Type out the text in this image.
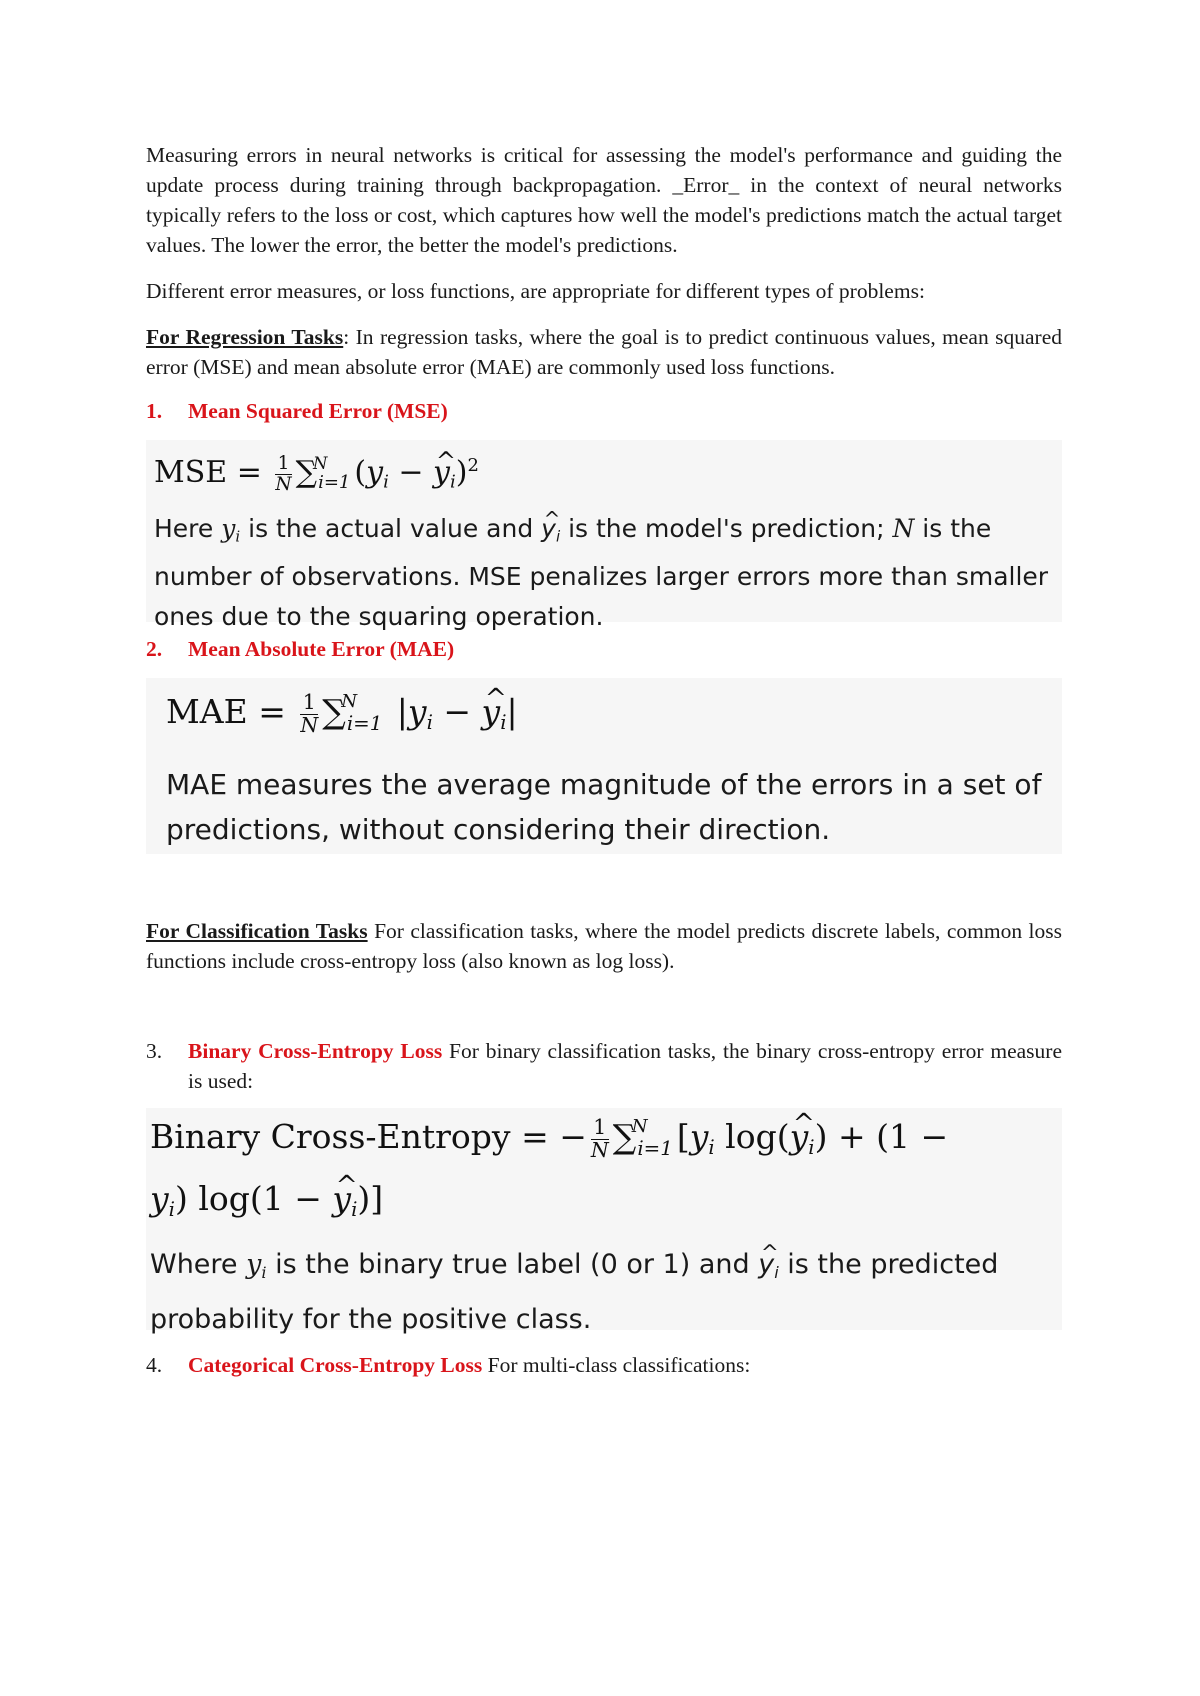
Measuring errors in neural networks is critical for assessing the model's performance and guiding the update process during training through backpropagation. _Error_ in the context of neural networks typically refers to the loss or cost, which captures how well the model's predictions match the actual target values. The lower the error, the better the model's predictions.

Different error measures, or loss functions, are appropriate for different types of problems:

For Regression Tasks: In regression tasks, where the goal is to predict continuous values, mean squared error (MSE) and mean absolute error (MAE) are commonly used loss functions.

1.	Mean Squared Error (MSE)
MSE = $\frac{1}{N}$ ∑
N
$_{i=1}$ ($y_i$ − ^ $y_i)^2$
Here $y_i$ is the actual value and ^ $y_i$ is the model's prediction; N is the number of observations. MSE penalizes larger errors more than smaller ones due to the squaring operation.
2.	Mean Absolute Error (MAE)
MAE = $\frac{1}{N}$ ∑
N
$_{i=1}$ $|y_i$ − ^ $y_i|$
MAE measures the average magnitude of the errors in a set of predictions, without considering their direction.

For Classification Tasks For classification tasks, where the model predicts discrete labels, common loss functions include cross-entropy loss (also known as log loss).

3.	Binary Cross-Entropy Loss For binary classification tasks, the binary cross-entropy error measure is used:
Binary Cross-Entropy = − $\frac{1}{N}$ ∑
N
$_{i=1}$ [$y_i$ log(^ $y_i) + (1$ −
$y_i$) log(1 − ^ $y_i$)]
Where $y_i$ is the binary true label (0 or 1) and ^ $y_i$ is the predicted probability for the positive class.
4.	Categorical Cross-Entropy Loss For multi-class classifications:
